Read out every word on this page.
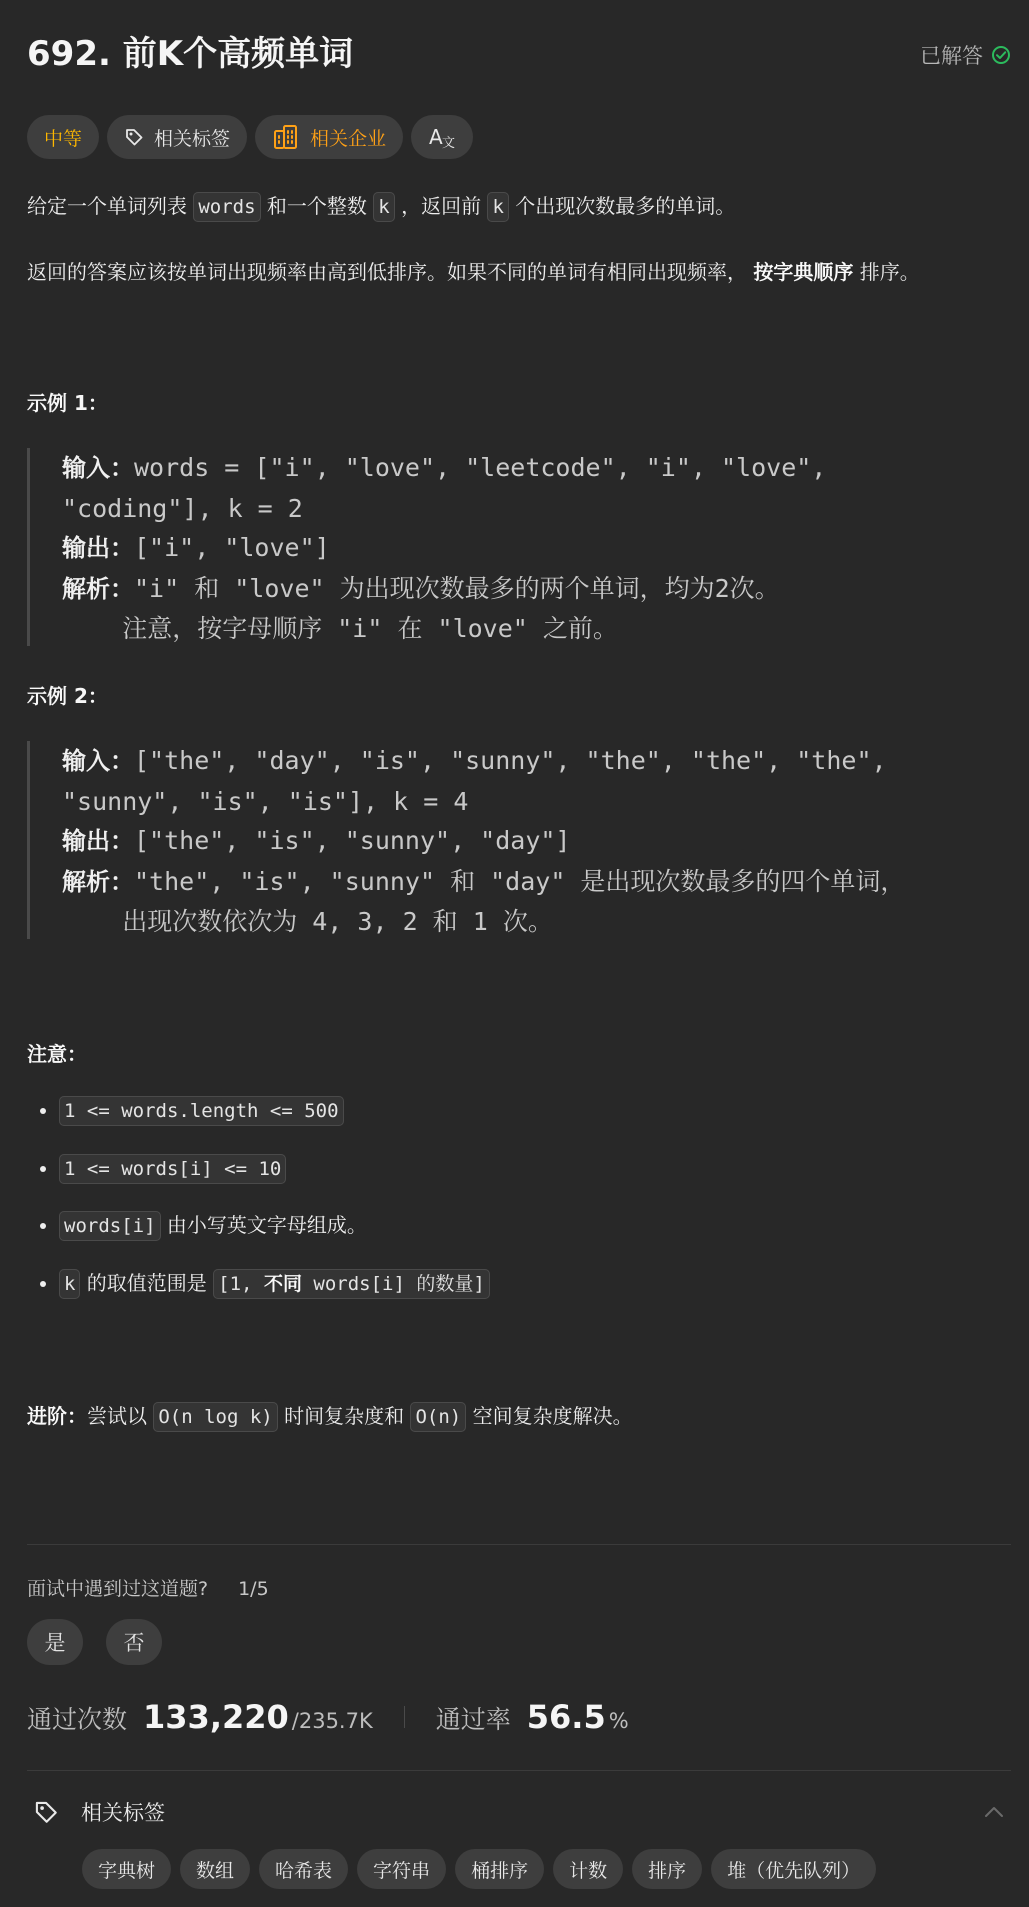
692. 前K个高频单词	已解答
中等	相关标签	相关企业 A 文

给定一个单词列表 words 和一个整数 k ，返回前 k 个出现次数最多的单词。

返回的答案应该按单词出现频率由高到低排序。如果不同的单词有相同出现频率， 按字典顺序 排序。

示例 1：
输入：words = ["i", "love", "leetcode", "i", "love",
"coding"], k = 2
输出：["i", "love"]
解析："i" 和 "love" 为出现次数最多的两个单词，均为2次。
注意，按字母顺序 "i" 在 "love" 之前。
示例 2：
输入：["the", "day", "is", "sunny", "the", "the", "the",
"sunny", "is", "is"], k = 4
输出：["the", "is", "sunny", "day"]
解析："the", "is", "sunny" 和 "day" 是出现次数最多的四个单词，
出现次数依次为 4, 3, 2 和 1 次。
注意：
• 1 <= words.length <= 500
• 1 <= words[i] <= 10
• words[i] 由小写英文字母组成。
• k 的取值范围是 [1, 不同 words[i] 的数量]

进阶：尝试以 O(n log k) 时间复杂度和 O(n) 空间复杂度解决。

面试中遇到过这道题? 1/5
是	否
通过次数 133,220 /235.7K	通过率 56.5 %
相关标签
字典树	数组	哈希表	字符串	桶排序	计数	排序	堆（优先队列）
